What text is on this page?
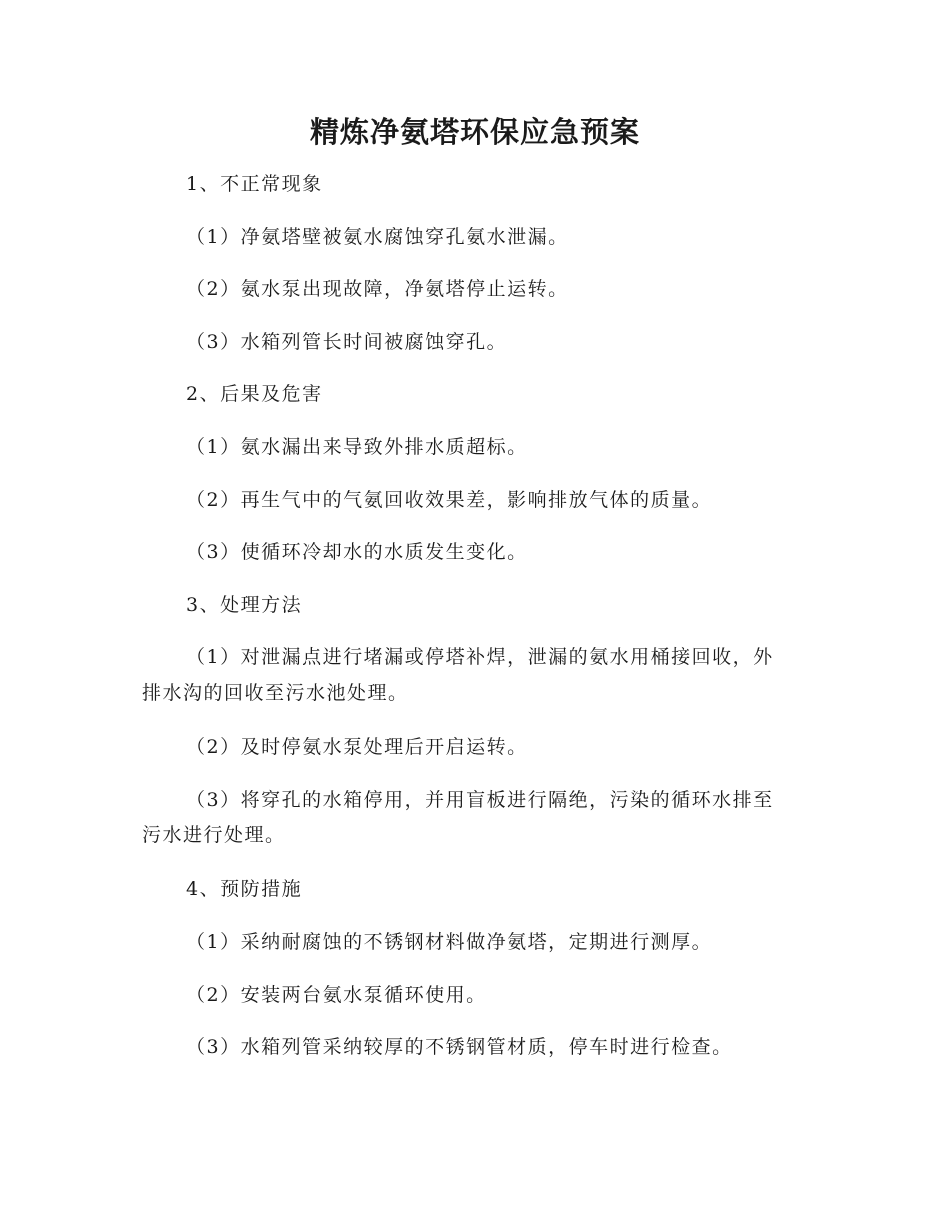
精炼净氨塔环保应急预案
1、不正常现象
（1）净氨塔壁被氨水腐蚀穿孔氨水泄漏。
（2）氨水泵出现故障，净氨塔停止运转。
（3）水箱列管长时间被腐蚀穿孔。
2、后果及危害
（1）氨水漏出来导致外排水质超标。
（2）再生气中的气氨回收效果差，影响排放气体的质量。
（3）使循环冷却水的水质发生变化。
3、处理方法
（1）对泄漏点进行堵漏或停塔补焊，泄漏的氨水用桶接回收，外
排水沟的回收至污水池处理。
（2）及时停氨水泵处理后开启运转。
（3）将穿孔的水箱停用，并用盲板进行隔绝，污染的循环水排至
污水进行处理。
4、预防措施
（1）采纳耐腐蚀的不锈钢材料做净氨塔，定期进行测厚。
（2）安装两台氨水泵循环使用。
（3）水箱列管采纳较厚的不锈钢管材质，停车时进行检查。
